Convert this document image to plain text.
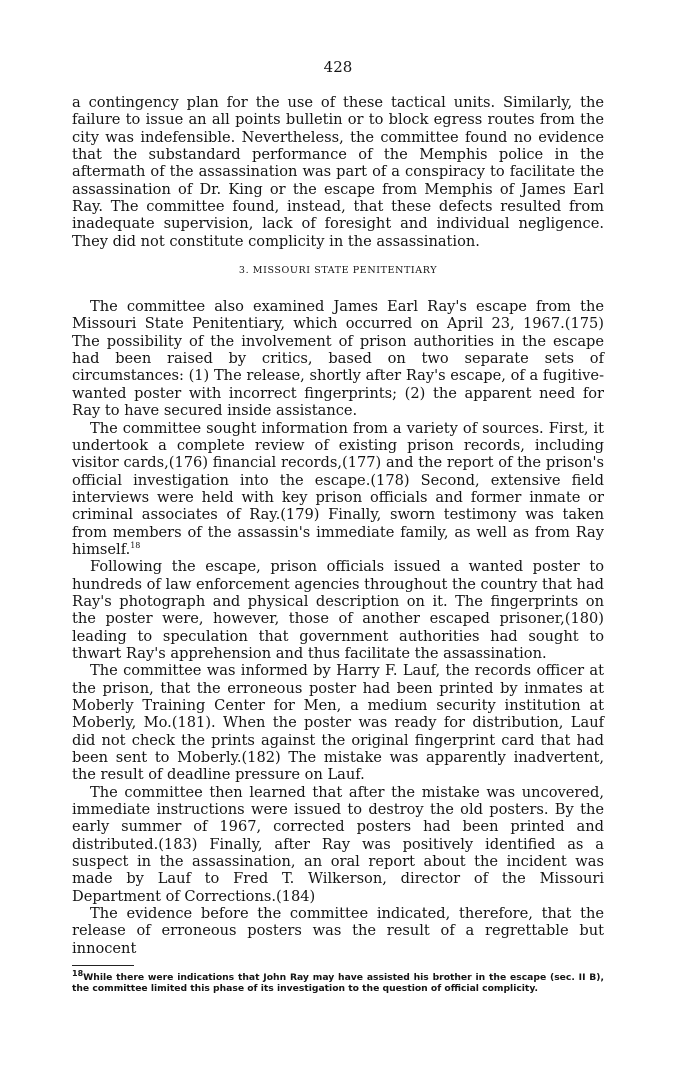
428

a contingency plan for the use of these tactical units. Similarly, the failure to issue an all points bulletin or to block egress routes from the city was indefensible. Nevertheless, the committee found no evidence that the substandard performance of the Memphis police in the aftermath of the assassination was part of a conspiracy to facilitate the assassination of Dr. King or the escape from Memphis of James Earl Ray. The committee found, instead, that these defects resulted from inadequate supervision, lack of foresight and individual negligence. They did not constitute complicity in the assassination.

3. MISSOURI STATE PENITENTIARY

The committee also examined James Earl Ray's escape from the Missouri State Penitentiary, which occurred on April 23, 1967.(175) The possibility of the involvement of prison authorities in the escape had been raised by critics, based on two separate sets of circumstances: (1) The release, shortly after Ray's escape, of a fugitive-wanted poster with incorrect fingerprints; (2) the apparent need for Ray to have secured inside assistance.

The committee sought information from a variety of sources. First, it undertook a complete review of existing prison records, including visitor cards,(176) financial records,(177) and the report of the prison's official investigation into the escape.(178) Second, extensive field interviews were held with key prison officials and former inmate or criminal associates of Ray.(179) Finally, sworn testimony was taken from members of the assassin's immediate family, as well as from Ray himself.$^{18}$

Following the escape, prison officials issued a wanted poster to hundreds of law enforcement agencies throughout the country that had Ray's photograph and physical description on it. The fingerprints on the poster were, however, those of another escaped prisoner,(180) leading to speculation that government authorities had sought to thwart Ray's apprehension and thus facilitate the assassination.

The committee was informed by Harry F. Lauf, the records officer at the prison, that the erroneous poster had been printed by inmates at Moberly Training Center for Men, a medium security institution at Moberly, Mo.(181). When the poster was ready for distribution, Lauf did not check the prints against the original fingerprint card that had been sent to Moberly.(182) The mistake was apparently inadvertent, the result of deadline pressure on Lauf.

The committee then learned that after the mistake was uncovered, immediate instructions were issued to destroy the old posters. By the early summer of 1967, corrected posters had been printed and distributed.(183) Finally, after Ray was positively identified as a suspect in the assassination, an oral report about the incident was made by Lauf to Fred T. Wilkerson, director of the Missouri Department of Corrections.(184)

The evidence before the committee indicated, therefore, that the release of erroneous posters was the result of a regrettable but innocent

$^{18}$While there were indications that John Ray may have assisted his brother in the escape (sec. II B), the committee limited this phase of its investigation to the question of official complicity.
